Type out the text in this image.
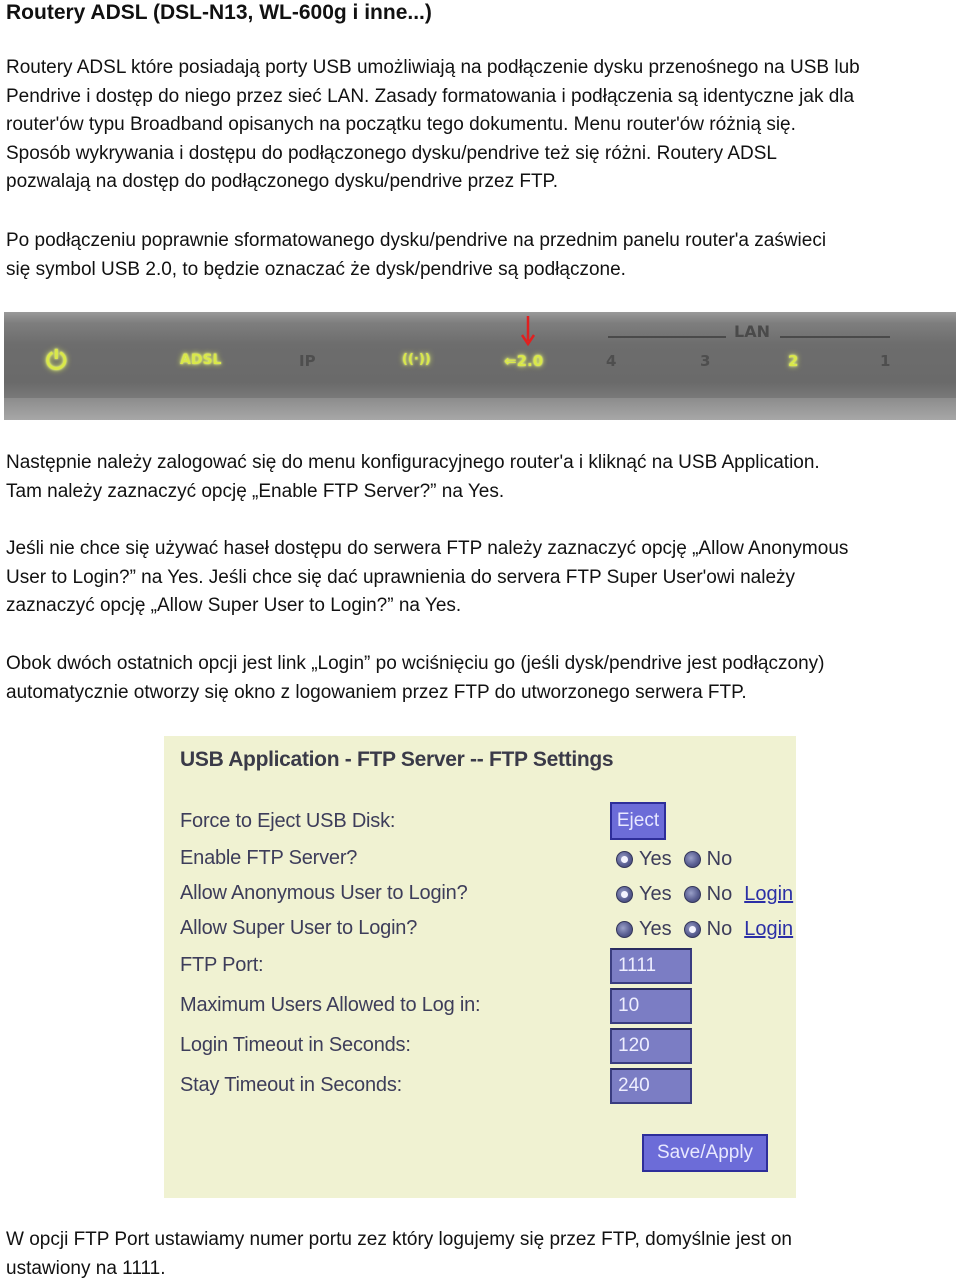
Routery ADSL (DSL-N13, WL-600g i inne...)

Routery ADSL które posiadają porty USB umożliwiają na podłączenie dysku przenośnego na USB lub
Pendrive i dostęp do niego przez sieć LAN. Zasady formatowania i podłączenia są identyczne jak dla
router'ów typu Broadband opisanych na początku tego dokumentu. Menu router'ów różnią się.
Sposób wykrywania i dostępu do podłączonego dysku/pendrive też się różni. Routery ADSL
pozwalają na dostęp do podłączonego dysku/pendrive przez FTP.

Po podłączeniu poprawnie sformatowanego dysku/pendrive na przednim panelu router'a zaświeci
się symbol USB 2.0, to będzie oznaczać że dysk/pendrive są podłączone.

⏻	ADSL	IP	((·))	⇐2.0	4	3	2	1
LAN

Następnie należy zalogować się do menu konfiguracyjnego router'a i kliknąć na USB Application.
Tam należy zaznaczyć opcję „Enable FTP Server?” na Yes.

Jeśli nie chce się używać haseł dostępu do serwera FTP należy zaznaczyć opcję „Allow Anonymous
User to Login?” na Yes. Jeśli chce się dać uprawnienia do servera FTP Super User'owi należy
zaznaczyć opcję „Allow Super User to Login?” na Yes.

Obok dwóch ostatnich opcji jest link „Login” po wciśnięciu go (jeśli dysk/pendrive jest podłączony)
automatycznie otworzy się okno z logowaniem przez FTP do utworzonego serwera FTP.

USB Application - FTP Server -- FTP Settings
Force to Eject USB Disk:	Eject
Enable FTP Server?	Yes No
Allow Anonymous User to Login?	Yes No Login
Allow Super User to Login?	Yes No Login
FTP Port:	1111
Maximum Users Allowed to Log in:	10
Login Timeout in Seconds:	120
Stay Timeout in Seconds:	240
Save/Apply

W opcji FTP Port ustawiamy numer portu zez który logujemy się przez FTP, domyślnie jest on
ustawiony na 1111.
